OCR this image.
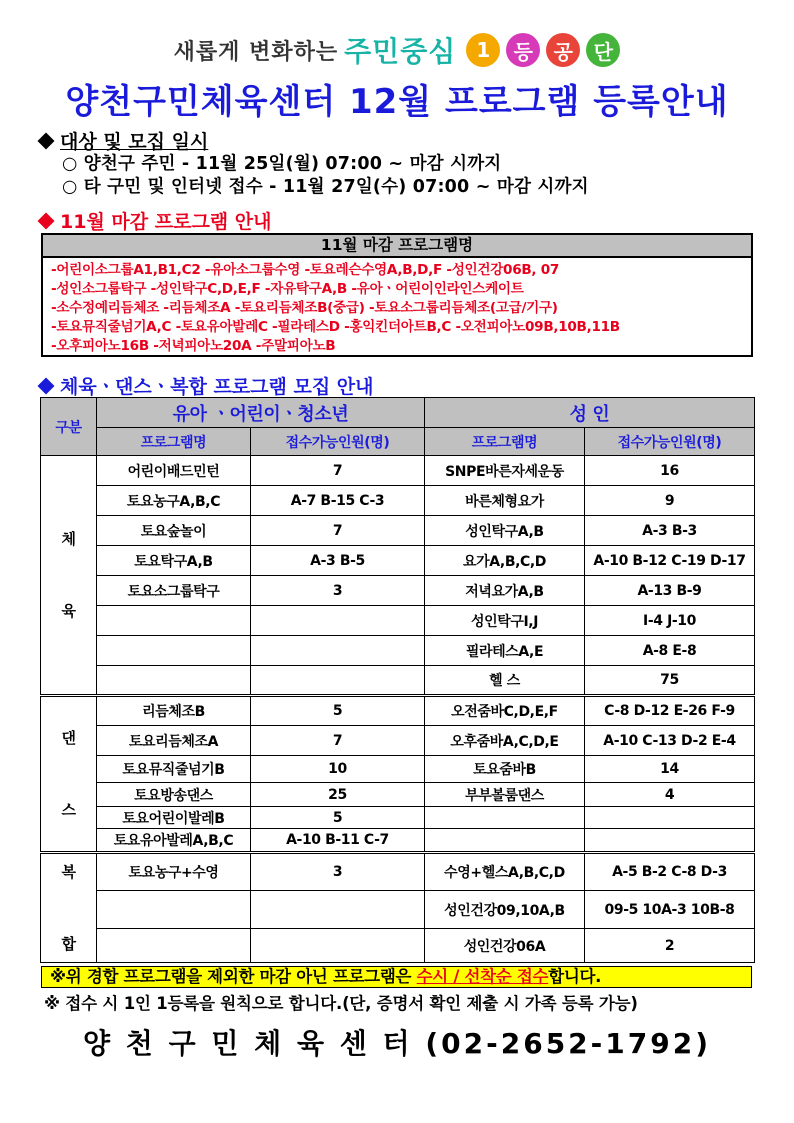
새롭게 변화하는 주민중심	1	등	공	단
양천구민체육센터 12월 프로그램 등록안내
대상 및 모집 일시
○ 양천구 주민 - 11월 25일(월) 07:00 ~ 마감 시까지
○ 타 구민 및 인터넷 접수 - 11월 27일(수) 07:00 ~ 마감 시까지
11월 마감 프로그램 안내
11월 마감 프로그램명
-어린이소그룹A1,B1,C2 -유아소그룹수영 -토요레슨수영A,B,D,F -성인건강06B, 07
-성인소그룹탁구 -성인탁구C,D,E,F -자유탁구A,B -유아ㆍ어린이인라인스케이트
-소수정예리듬체조 -리듬체조A -토요리듬체조B(중급) -토요소그룹리듬체조(고급/기구)
-토요뮤직줄넘기A,C -토요유아발레C -필라테스D -홍익킨더아트B,C -오전피아노09B,10B,11B
-오후피아노16B -저녁피아노20A -주말피아노B
체육ㆍ댄스ㆍ복합 프로그램 모집 안내
구분	유아 ㆍ어린이ㆍ청소년		성 인	
	프로그램명	접수가능인원(명)	프로그램명	접수가능인원(명)
체

육	어린이배드민턴	7	SNPE바른자세운동	16
	토요농구A,B,C	A-7 B-15 C-3	바른체형요가	9
	토요숲놀이	7	성인탁구A,B	A-3 B-3
	토요탁구A,B	A-3 B-5	요가A,B,C,D	A-10 B-12 C-19 D-17
	토요소그룹탁구	3	저녁요가A,B	A-13 B-9
			성인탁구I,J	I-4 J-10
			필라테스A,E	A-8 E-8
			헬 스	75
댄

스	리듬체조B	5	오전줌바C,D,E,F	C-8 D-12 E-26 F-9
	토요리듬체조A	7	오후줌바A,C,D,E	A-10 C-13 D-2 E-4
	토요뮤직줄넘기B	10	토요줌바B	14
	토요방송댄스	25	부부볼룸댄스	4
	토요어린이발레B	5		
	토요유아발레A,B,C	A-10 B-11 C-7		
복

합	토요농구+수영	3	수영+헬스A,B,C,D	A-5 B-2 C-8 D-3
			성인건강09,10A,B	09-5 10A-3 10B-8
			성인건강06A	2
※위 경합 프로그램을 제외한 마감 아닌 프로그램은 수시 / 선착순 접수합니다.
※ 접수 시 1인 1등록을 원칙으로 합니다.(단, 증명서 확인 제출 시 가족 등록 가능)
양 천 구 민 체 육 센 터 (02-2652-1792)
